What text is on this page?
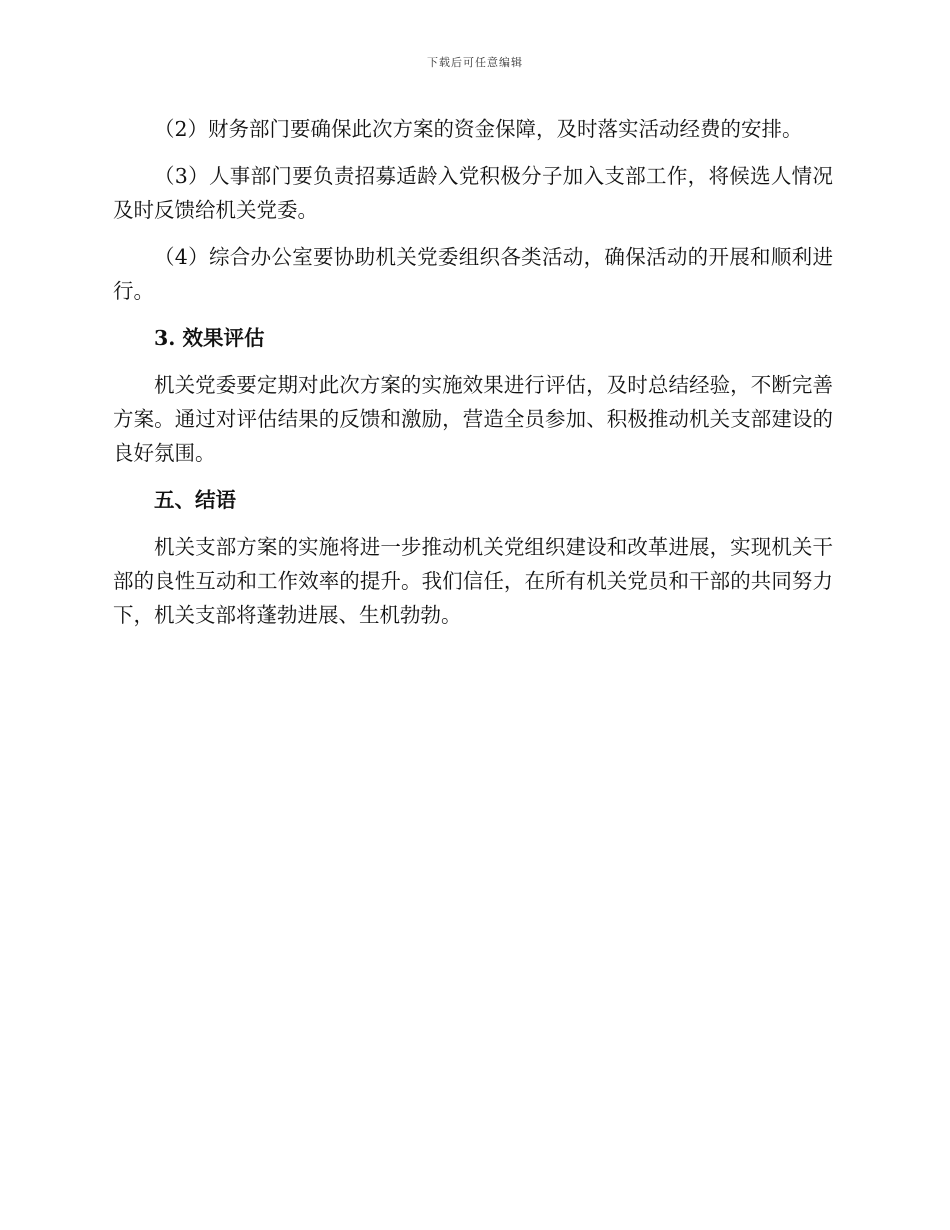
下载后可任意编辑

（2）财务部门要确保此次方案的资金保障，及时落实活动经费的安排。

（3）人事部门要负责招募适龄入党积极分子加入支部工作，将候选人情况及时反馈给机关党委。

（4）综合办公室要协助机关党委组织各类活动，确保活动的开展和顺利进行。

3. 效果评估

机关党委要定期对此次方案的实施效果进行评估，及时总结经验，不断完善方案。通过对评估结果的反馈和激励，营造全员参加、积极推动机关支部建设的良好氛围。

五、结语

机关支部方案的实施将进一步推动机关党组织建设和改革进展，实现机关干部的良性互动和工作效率的提升。我们信任，在所有机关党员和干部的共同努力下，机关支部将蓬勃进展、生机勃勃。
